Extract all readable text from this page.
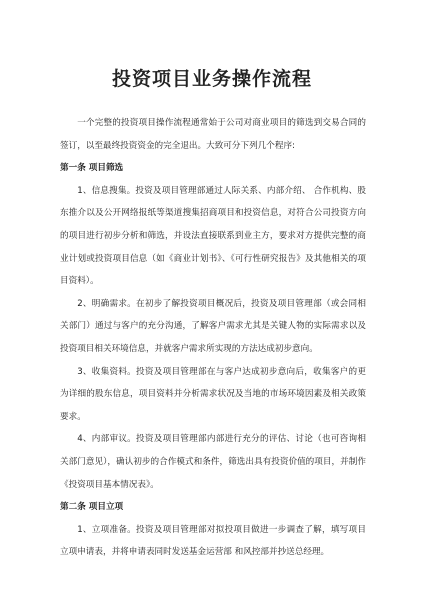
投资项目业务操作流程

一个完整的投资项目操作流程通常始于公司对商业项目的筛选到交易合同的签订，以至最终投资资金的完全退出。大致可分下列几个程序:

第一条 项目筛选

1、信息搜集。投资及项目管理部通过人际关系、内部介绍、 合作机构、股东推介以及公开网络报纸等渠道搜集招商项目和投资信息，对符合公司投资方向的项目进行初步分析和筛选，并设法直接联系到业主方，要求对方提供完整的商业计划或投资项目信息（如《商业计划书》、《可行性研究报告》及其他相关的项目资料）。

2、明确需求。在初步了解投资项目概况后，投资及项目管理部（或会同相关部门）通过与客户的充分沟通，了解客户需求尤其是关键人物的实际需求以及投资项目相关环境信息，并就客户需求所实现的方法达成初步意向。

3、收集资料。投资及项目管理部在与客户达成初步意向后，收集客户的更为详细的股东信息，项目资料并分析需求状况及当地的市场环境因素及相关政策要求。

4、内部审议。投资及项目管理部内部进行充分的评估、讨论（也可咨询相关部门意见），确认初步的合作模式和条件，筛选出具有投资价值的项目，并制作《投资项目基本情况表》。

第二条 项目立项

1、立项准备。投资及项目管理部对拟投项目做进一步调查了解，填写项目立项申请表，并将申请表同时发送基金运营部 和风控部并抄送总经理。
